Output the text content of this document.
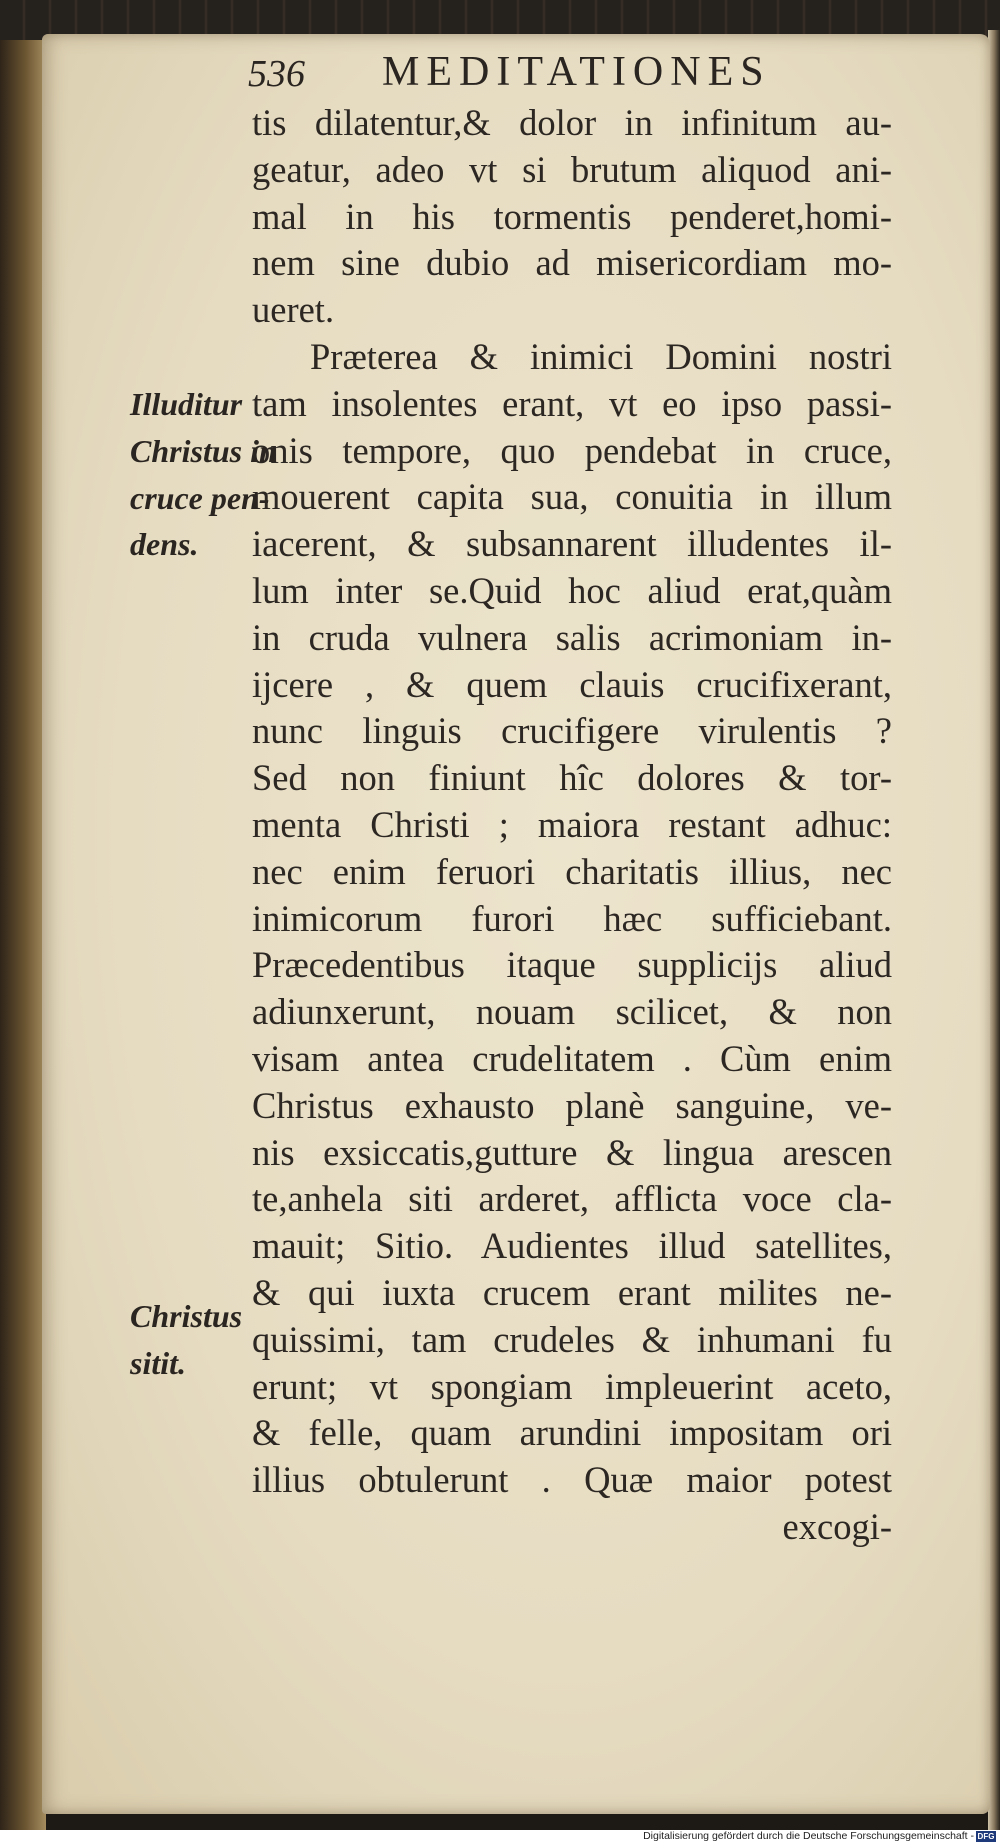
536 MEDITATIONES
tis dilatentur,& dolor in infinitum au-
geatur, adeo vt si brutum aliquod ani-
mal in his tormentis penderet,homi-
nem sine dubio ad misericordiam mo-
ueret.
Præterea & inimici Domini nostri
tam insolentes erant, vt eo ipso passi-
onis tempore, quo pendebat in cruce,
mouerent capita sua, conuitia in illum
iacerent, & subsannarent illudentes il-
lum inter se.Quid hoc aliud erat,quàm
in cruda vulnera salis acrimoniam in-
ijcere , & quem clauis crucifixerant,
nunc linguis crucifigere virulentis ?
Sed non finiunt hîc dolores & tor-
menta Christi ; maiora restant adhuc:
nec enim feruori charitatis illius, nec
inimicorum furori hæc sufficiebant.
Præcedentibus itaque supplicijs aliud
adiunxerunt, nouam scilicet, & non
visam antea crudelitatem . Cùm enim
Christus exhausto planè sanguine, ve-
nis exsiccatis,gutture & lingua arescen
te,anhela siti arderet, afflicta voce cla-
mauit; Sitio. Audientes illud satellites,
& qui iuxta crucem erant milites ne-
quissimi, tam crudeles & inhumani fu
erunt; vt spongiam impleuerint aceto,
& felle, quam arundini impositam ori
illius obtulerunt . Quæ maior potest
excogi-
Illuditur
Christus in
cruce pen-
dens.
Christus
sitit.
Digitalisierung gefördert durch die Deutsche Forschungsgemeinschaft - DFG
